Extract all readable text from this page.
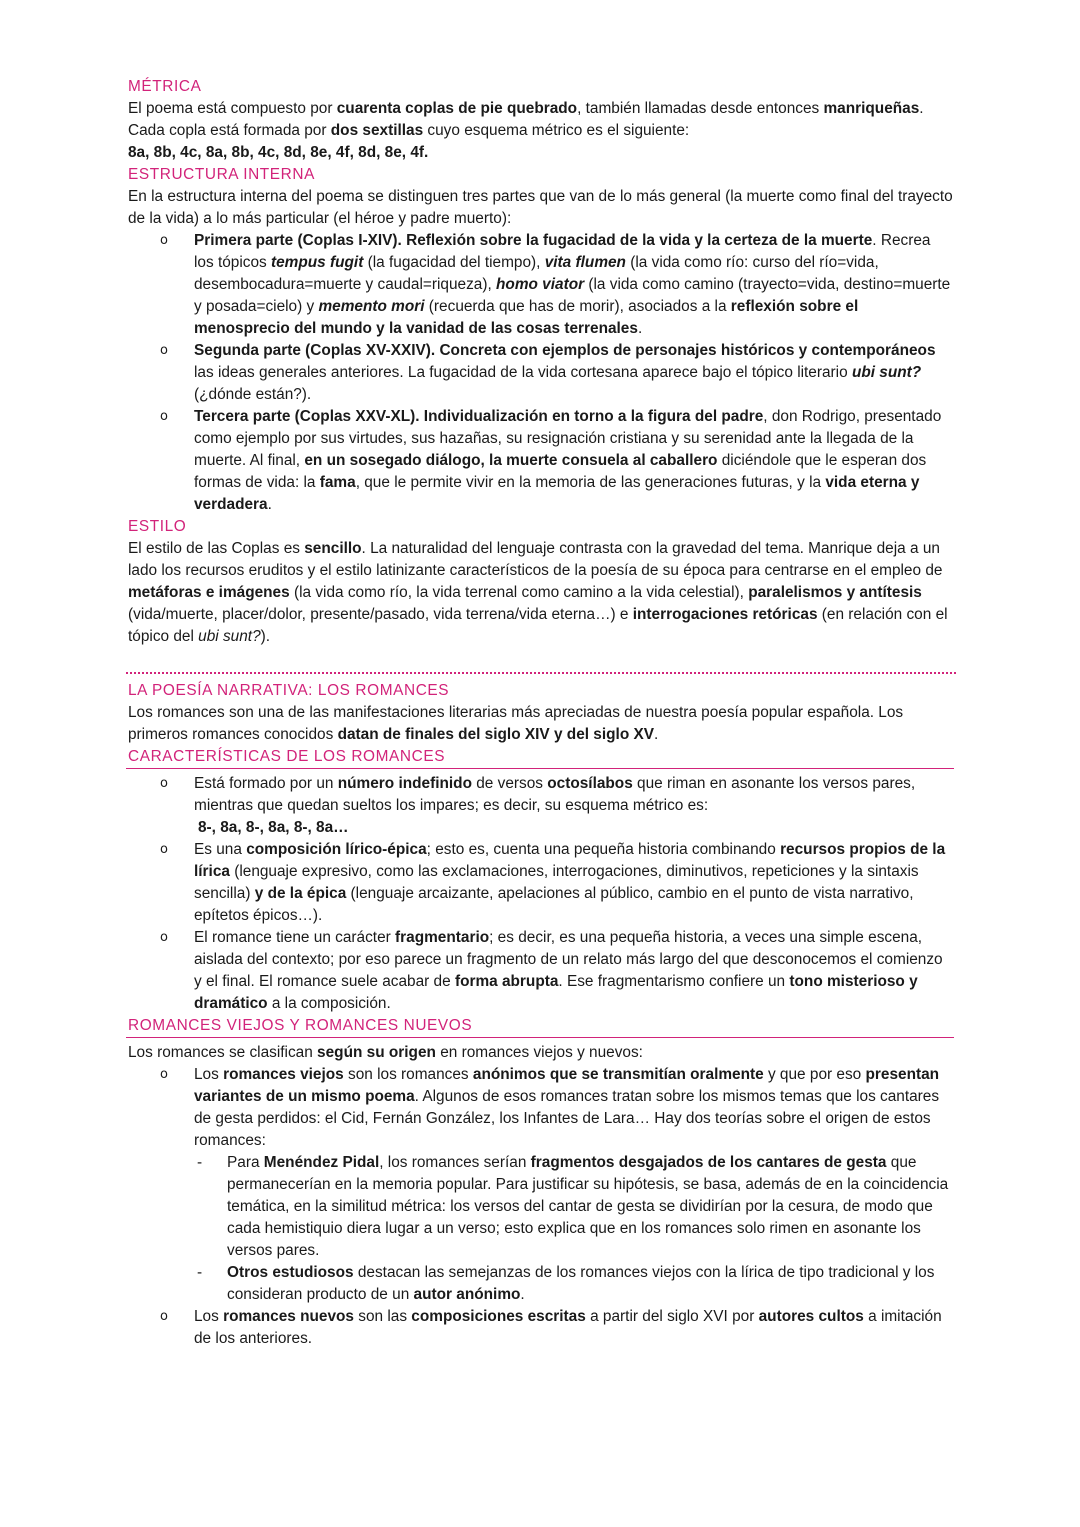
MÉTRICA

El poema está compuesto por cuarenta coplas de pie quebrado, también llamadas desde entonces manriqueñas. Cada copla está formada por dos sextillas cuyo esquema métrico es el siguiente:

8a, 8b, 4c, 8a, 8b, 4c, 8d, 8e, 4f, 8d, 8e, 4f.

ESTRUCTURA INTERNA

En la estructura interna del poema se distinguen tres partes que van de lo más general (la muerte como final del trayecto de la vida) a lo más particular (el héroe y padre muerto):

o Primera parte (Coplas I-XIV). Reflexión sobre la fugacidad de la vida y la certeza de la muerte. Recrea los tópicos tempus fugit (la fugacidad del tiempo), vita flumen (la vida como río: curso del río=vida, desembocadura=muerte y caudal=riqueza), homo viator (la vida como camino (trayecto=vida, destino=muerte y posada=cielo) y memento mori (recuerda que has de morir), asociados a la reflexión sobre el menosprecio del mundo y la vanidad de las cosas terrenales.
o Segunda parte (Coplas XV-XXIV). Concreta con ejemplos de personajes históricos y contemporáneos las ideas generales anteriores. La fugacidad de la vida cortesana aparece bajo el tópico literario ubi sunt? (¿dónde están?).
o Tercera parte (Coplas XXV-XL). Individualización en torno a la figura del padre, don Rodrigo, presentado como ejemplo por sus virtudes, sus hazañas, su resignación cristiana y su serenidad ante la llegada de la muerte. Al final, en un sosegado diálogo, la muerte consuela al caballero diciéndole que le esperan dos formas de vida: la fama, que le permite vivir en la memoria de las generaciones futuras, y la vida eterna y verdadera.
ESTILO

El estilo de las Coplas es sencillo. La naturalidad del lenguaje contrasta con la gravedad del tema. Manrique deja a un lado los recursos eruditos y el estilo latinizante característicos de la poesía de su época para centrarse en el empleo de metáforas e imágenes (la vida como río, la vida terrenal como camino a la vida celestial), paralelismos y antítesis (vida/muerte, placer/dolor, presente/pasado, vida terrena/vida eterna…) e interrogaciones retóricas (en relación con el tópico del ubi sunt?).

LA POESÍA NARRATIVA: LOS ROMANCES

Los romances son una de las manifestaciones literarias más apreciadas de nuestra poesía popular española. Los primeros romances conocidos datan de finales del siglo XIV y del siglo XV.

CARACTERÍSTICAS DE LOS ROMANCES
o Está formado por un número indefinido de versos octosílabos que riman en asonante los versos pares, mientras que quedan sueltos los impares; es decir, su esquema métrico es:
8-, 8a, 8-, 8a, 8-, 8a…
o Es una composición lírico-épica; esto es, cuenta una pequeña historia combinando recursos propios de la lírica (lenguaje expresivo, como las exclamaciones, interrogaciones, diminutivos, repeticiones y la sintaxis sencilla) y de la épica (lenguaje arcaizante, apelaciones al público, cambio en el punto de vista narrativo, epítetos épicos…).
o El romance tiene un carácter fragmentario; es decir, es una pequeña historia, a veces una simple escena, aislada del contexto; por eso parece un fragmento de un relato más largo del que desconocemos el comienzo y el final. El romance suele acabar de forma abrupta. Ese fragmentarismo confiere un tono misterioso y dramático a la composición.
ROMANCES VIEJOS Y ROMANCES NUEVOS

Los romances se clasifican según su origen en romances viejos y nuevos:

o Los romances viejos son los romances anónimos que se transmitían oralmente y que por eso presentan variantes de un mismo poema. Algunos de esos romances tratan sobre los mismos temas que los cantares de gesta perdidos: el Cid, Fernán González, los Infantes de Lara… Hay dos teorías sobre el origen de estos romances:
- Para Menéndez Pidal, los romances serían fragmentos desgajados de los cantares de gesta que permanecerían en la memoria popular. Para justificar su hipótesis, se basa, además de en la coincidencia temática, en la similitud métrica: los versos del cantar de gesta se dividirían por la cesura, de modo que cada hemistiquio diera lugar a un verso; esto explica que en los romances solo rimen en asonante los versos pares.
- Otros estudiosos destacan las semejanzas de los romances viejos con la lírica de tipo tradicional y los consideran producto de un autor anónimo.
o Los romances nuevos son las composiciones escritas a partir del siglo XVI por autores cultos a imitación de los anteriores.
